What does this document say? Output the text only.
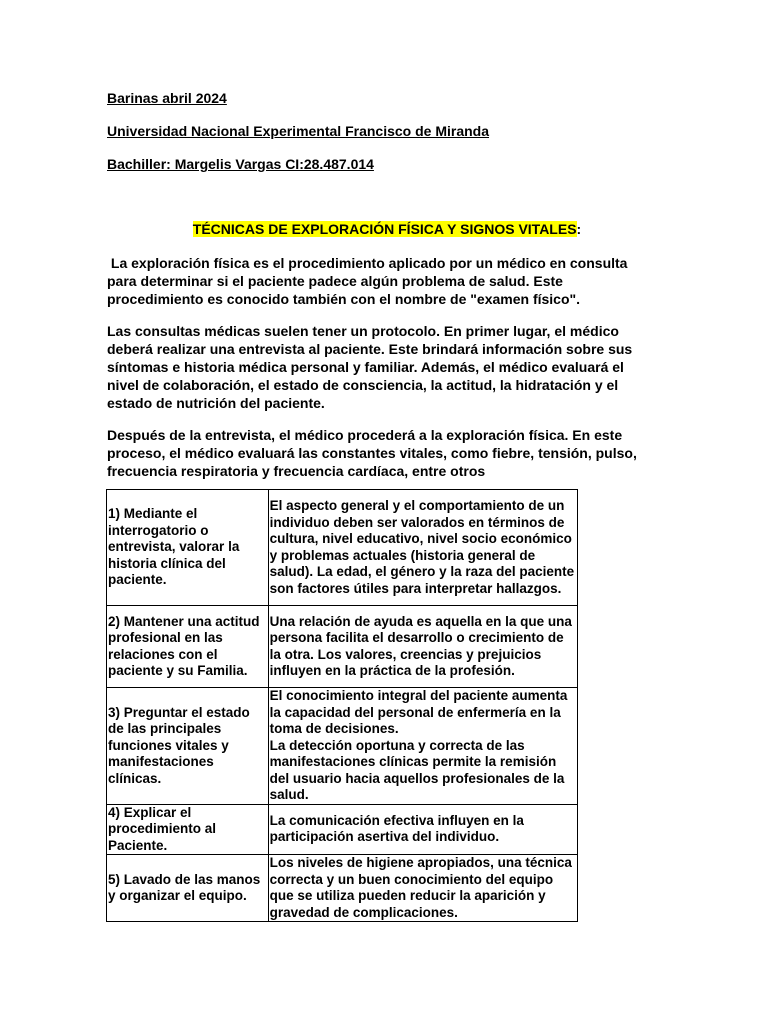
Barinas abril 2024

Universidad Nacional Experimental Francisco de Miranda

Bachiller: Margelis Vargas CI:28.487.014

TÉCNICAS DE EXPLORACIÓN FÍSICA Y SIGNOS VITALES:

La exploración física es el procedimiento aplicado por un médico en consulta para determinar si el paciente padece algún problema de salud. Este procedimiento es conocido también con el nombre de "examen físico".

Las consultas médicas suelen tener un protocolo. En primer lugar, el médico deberá realizar una entrevista al paciente. Este brindará información sobre sus síntomas e historia médica personal y familiar. Además, el médico evaluará el nivel de colaboración, el estado de consciencia, la actitud, la hidratación y el estado de nutrición del paciente.

Después de la entrevista, el médico procederá a la exploración física. En este proceso, el médico evaluará las constantes vitales, como fiebre, tensión, pulso, frecuencia respiratoria y frecuencia cardíaca, entre otros

1) Mediante el interrogatorio o entrevista, valorar la historia clínica del paciente.	El aspecto general y el comportamiento de un individuo deben ser valorados en términos de cultura, nivel educativo, nivel socio económico y problemas actuales (historia general de salud). La edad, el género y la raza del paciente son factores útiles para interpretar hallazgos.
2) Mantener una actitud profesional en las relaciones con el paciente y su Familia.	Una relación de ayuda es aquella en la que una persona facilita el desarrollo o crecimiento de la otra. Los valores, creencias y prejuicios influyen en la práctica de la profesión.
3) Preguntar el estado de las principales funciones vitales y manifestaciones clínicas.	El conocimiento integral del paciente aumenta la capacidad del personal de enfermería en la toma de decisiones.
La detección oportuna y correcta de las manifestaciones clínicas permite la remisión del usuario hacia aquellos profesionales de la salud.

4) Explicar el procedimiento al Paciente.	La comunicación efectiva influyen en la participación asertiva del individuo.
5) Lavado de las manos y organizar el equipo.	Los niveles de higiene apropiados, una técnica correcta y un buen conocimiento del equipo que se utiliza pueden reducir la aparición y gravedad de complicaciones.
